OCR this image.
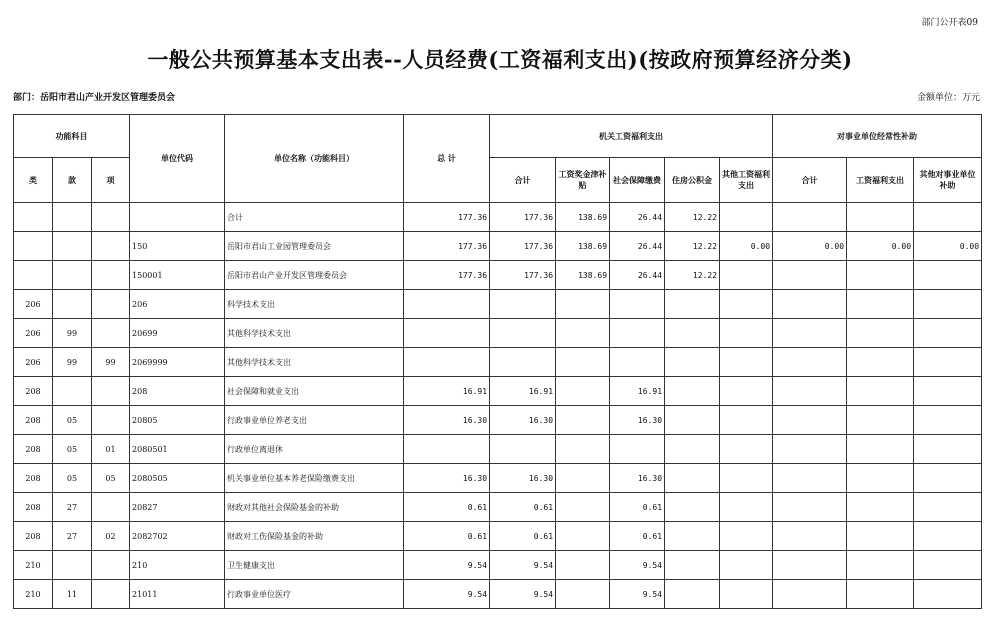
部门公开表09
一般公共预算基本支出表--人员经费(工资福利支出)(按政府预算经济分类)
部门：岳阳市君山产业开发区管理委员会	金额单位：万元
功能科目			单位代码	单位名称（功能科目）	总 计	机关工资福利支出					对事业单位经常性补助		
类	款	项				合计	工资奖金津补贴	社会保障缴费	住房公积金	其他工资福利支出	合计	工资福利支出	其他对事业单位补助
				合计	177.36	177.36	138.69	26.44	12.22				
			150	岳阳市君山工业园管理委员会	177.36	177.36	138.69	26.44	12.22	0.00	0.00	0.00	0.00
			150001	岳阳市君山产业开发区管理委员会	177.36	177.36	138.69	26.44	12.22				
206			206	科学技术支出									
206	99		20699	其他科学技术支出									
206	99	99	2069999	其他科学技术支出									
208			208	社会保障和就业支出	16.91	16.91		16.91					
208	05		20805	行政事业单位养老支出	16.30	16.30		16.30					
208	05	01	2080501	行政单位离退休									
208	05	05	2080505	机关事业单位基本养老保险缴费支出	16.30	16.30		16.30					
208	27		20827	财政对其他社会保险基金的补助	0.61	0.61		0.61					
208	27	02	2082702	财政对工伤保险基金的补助	0.61	0.61		0.61					
210			210	卫生健康支出	9.54	9.54		9.54					
210	11		21011	行政事业单位医疗	9.54	9.54		9.54					
